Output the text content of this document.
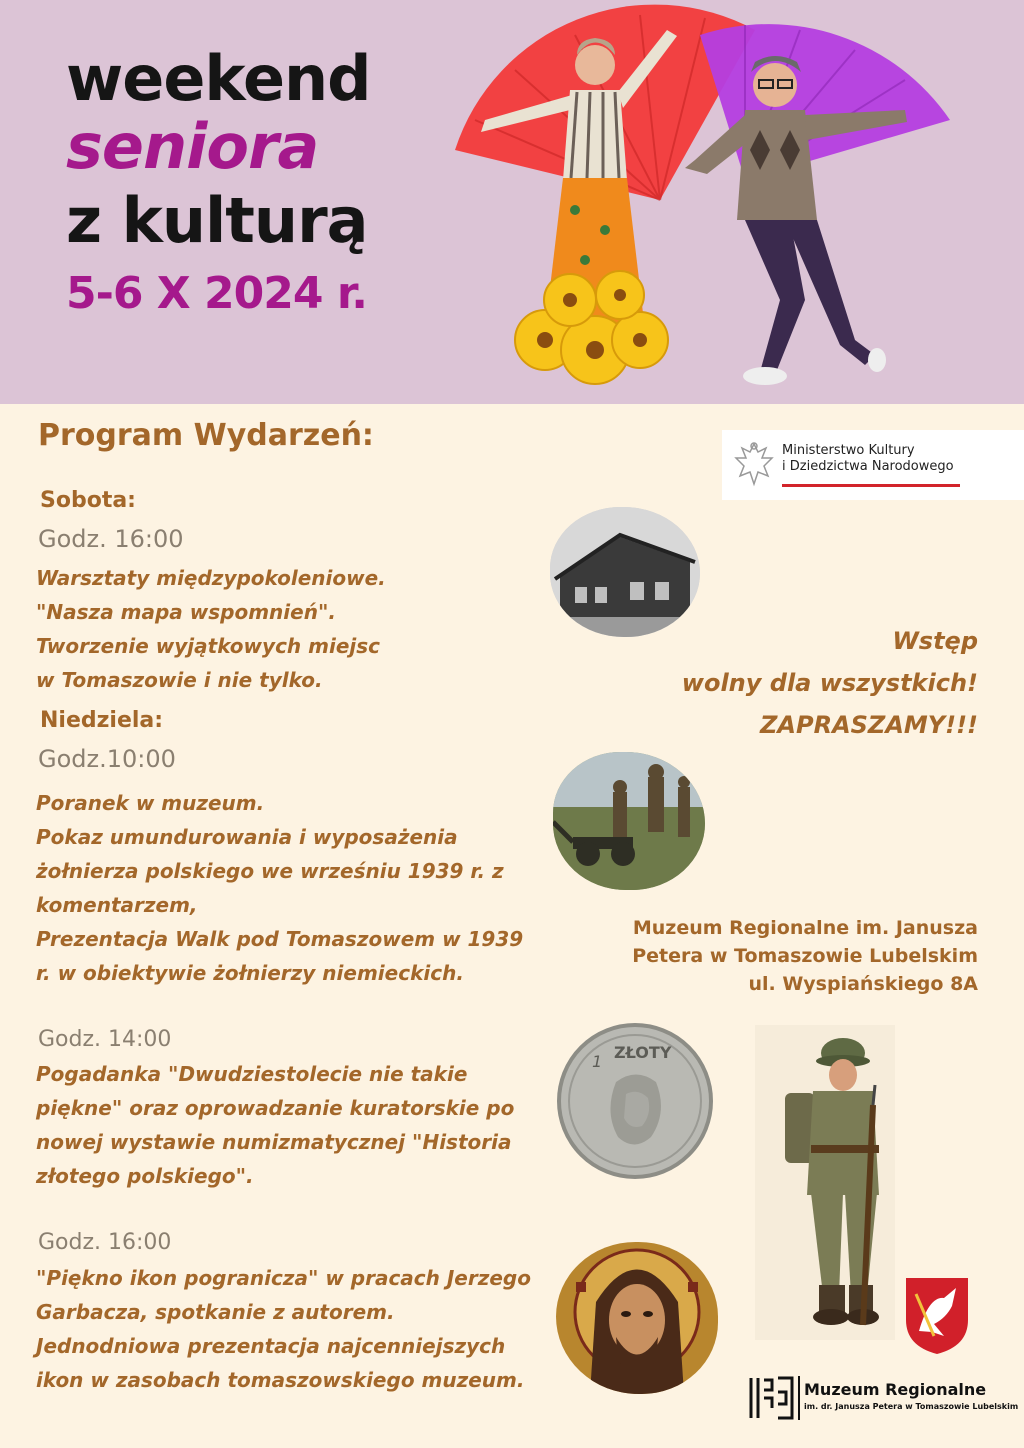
weekend
seniora
z kulturą
5-6 X 2024 r.
Program Wydarzeń:
Sobota:
Godz. 16:00
Warsztaty międzypokoleniowe.
"Nasza mapa wspomnień".
Tworzenie wyjątkowych miejsc
w Tomaszowie i nie tylko.
Niedziela:
Godz.10:00
Poranek w muzeum.
Pokaz umundurowania i wyposażenia
żołnierza polskiego we wrześniu 1939 r. z
komentarzem,
Prezentacja Walk pod Tomaszowem w 1939
r. w obiektywie żołnierzy niemieckich.
Godz. 14:00
Pogadanka "Dwudziestolecie nie takie
piękne" oraz oprowadzanie kuratorskie po
nowej wystawie numizmatycznej "Historia
złotego polskiego".
Godz. 16:00
"Piękno ikon pogranicza" w pracach Jerzego
Garbacza, spotkanie z autorem.
Jednodniowa prezentacja najcenniejszych
ikon w zasobach tomaszowskiego muzeum.
Ministerstwo Kultury
i Dziedzictwa Narodowego
Wstęp
wolny dla wszystkich!
ZAPRASZAMY!!!
Muzeum Regionalne im. Janusza
Petera w Tomaszowie Lubelskim
ul. Wyspiańskiego 8A
1 ZŁOTY
Muzeum Regionalne
im. dr. Janusza Petera w Tomaszowie Lubelskim
